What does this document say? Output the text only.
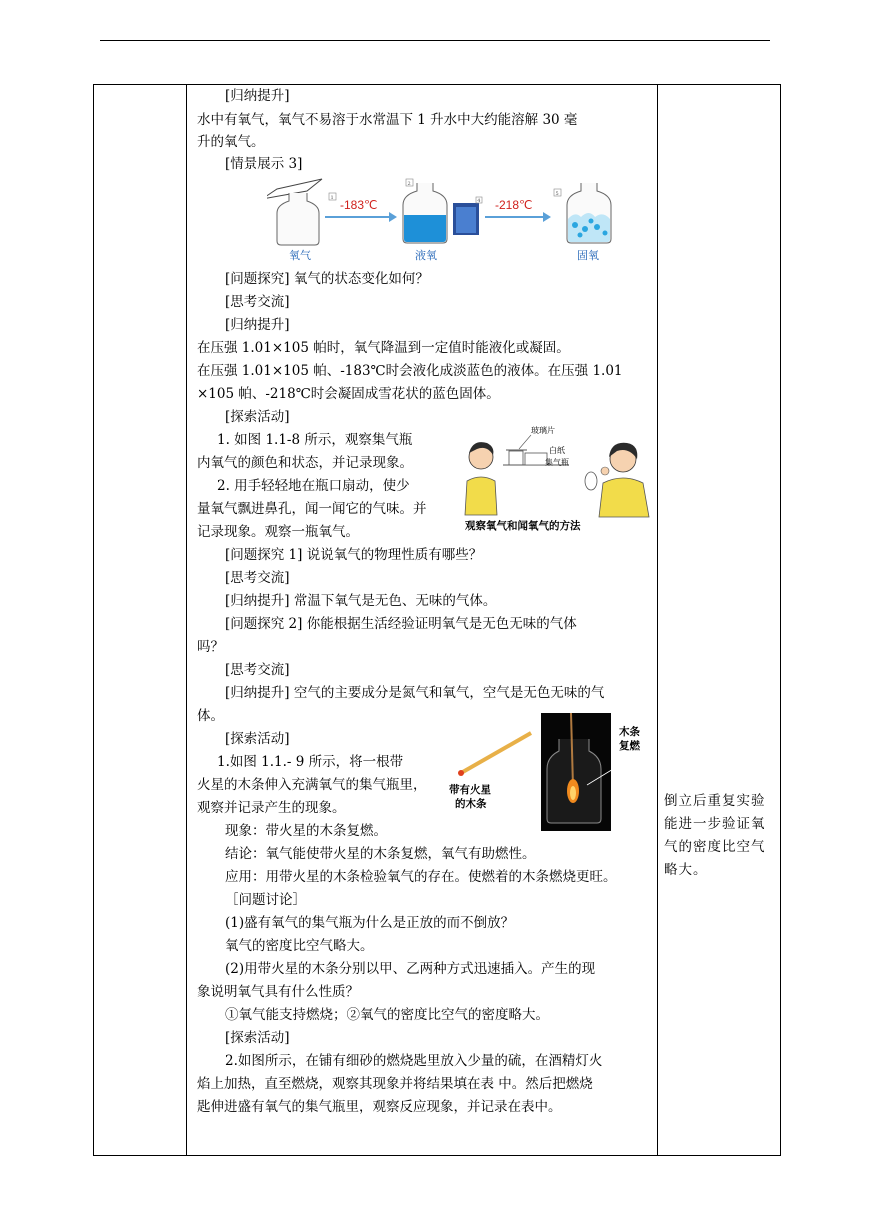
[归纳提升]
水中有氧气，氧气不易溶于水常温下 1 升水中大约能溶解 30 毫
升的氧气。
[情景展示 3]
1 -183℃
2
4 -218℃
5
氧气	液氧	固氧
[问题探究] 氧气的状态变化如何？
[思考交流]
[归纳提升]
在压强 1.01×105 帕时，氧气降温到一定值时能液化或凝固。
在压强 1.01×105 帕、-183℃时会液化成淡蓝色的液体。在压强 1.01
×105 帕、-218℃时会凝固成雪花状的蓝色固体。
[探索活动]
1. 如图 1.1-8 所示，观察集气瓶
内氧气的颜色和状态，并记录现象。
2. 用手轻轻地在瓶口扇动，使少
量氧气飘进鼻孔，闻一闻它的气味。并
记录现象。观察一瓶氧气。
玻璃片
白纸
集气瓶
观察氧气和闻氧气的方法
[问题探究 1] 说说氧气的物理性质有哪些？
[思考交流]
[归纳提升] 常温下氧气是无色、无味的气体。
[问题探究 2] 你能根据生活经验证明氧气是无色无味的气体
吗？
[思考交流]
[归纳提升] 空气的主要成分是氮气和氧气，空气是无色无味的气
体。
[探索活动]
1.如图 1.1.- 9 所示，将一根带
火星的木条伸入充满氧气的集气瓶里，
观察并记录产生的现象。
带有火星
的木条
木条
复燃
现象：带火星的木条复燃。
结论：氧气能使带火星的木条复燃，氧气有助燃性。
应用：用带火星的木条检验氧气的存在。使燃着的木条燃烧更旺。
［问题讨论］
(1)盛有氧气的集气瓶为什么是正放的而不倒放？
氧气的密度比空气略大。
(2)用带火星的木条分别以甲、乙两种方式迅速插入。产生的现
象说明氧气具有什么性质？
①氧气能支持燃烧；②氧气的密度比空气的密度略大。
[探索活动]
2.如图所示，在铺有细砂的燃烧匙里放入少量的硫，在酒精灯火
焰上加热，直至燃烧，观察其现象并将结果填在表 中。然后把燃烧
匙伸进盛有氧气的集气瓶里，观察反应现象，并记录在表中。

倒立后重复实验能进一步验证氧气的密度比空气略大。
